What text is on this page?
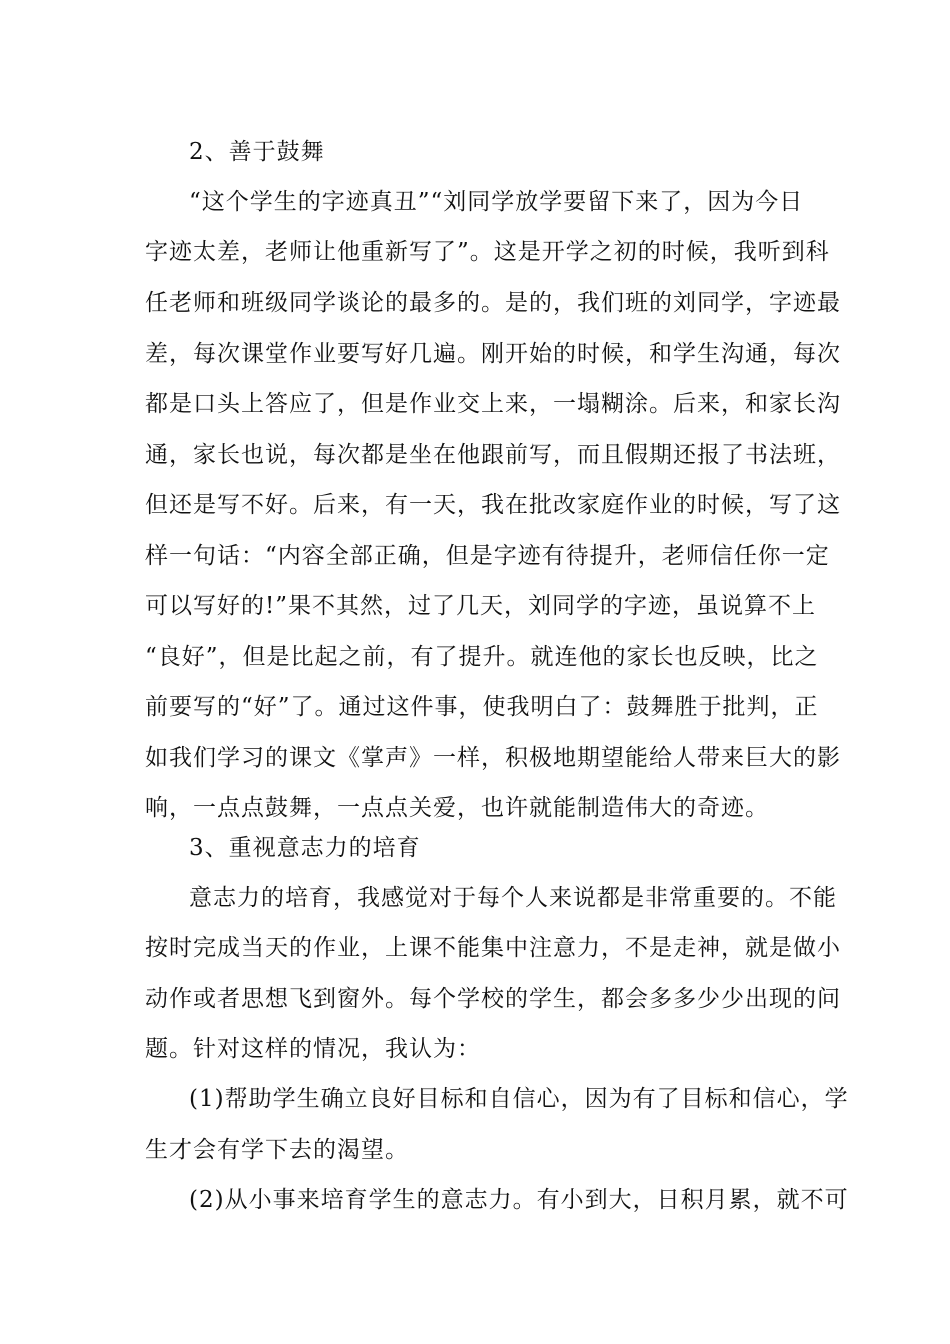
2、善于鼓舞
“这个学生的字迹真丑”“刘同学放学要留下来了，因为今日
字迹太差，老师让他重新写了”。这是开学之初的时候，我听到科
任老师和班级同学谈论的最多的。是的，我们班的刘同学，字迹最
差，每次课堂作业要写好几遍。刚开始的时候，和学生沟通，每次
都是口头上答应了，但是作业交上来，一塌糊涂。后来，和家长沟
通，家长也说，每次都是坐在他跟前写，而且假期还报了书法班，
但还是写不好。后来，有一天，我在批改家庭作业的时候，写了这
样一句话：“内容全部正确，但是字迹有待提升，老师信任你一定
可以写好的!”果不其然，过了几天，刘同学的字迹，虽说算不上
“良好”，但是比起之前，有了提升。就连他的家长也反映，比之
前要写的“好”了。通过这件事，使我明白了：鼓舞胜于批判，正
如我们学习的课文《掌声》一样，积极地期望能给人带来巨大的影
响，一点点鼓舞，一点点关爱，也许就能制造伟大的奇迹。
3、重视意志力的培育
意志力的培育，我感觉对于每个人来说都是非常重要的。不能
按时完成当天的作业，上课不能集中注意力，不是走神，就是做小
动作或者思想飞到窗外。每个学校的学生，都会多多少少出现的问
题。针对这样的情况，我认为：
(1)帮助学生确立良好目标和自信心，因为有了目标和信心，学
生才会有学下去的渴望。
(2)从小事来培育学生的意志力。有小到大，日积月累，就不可
